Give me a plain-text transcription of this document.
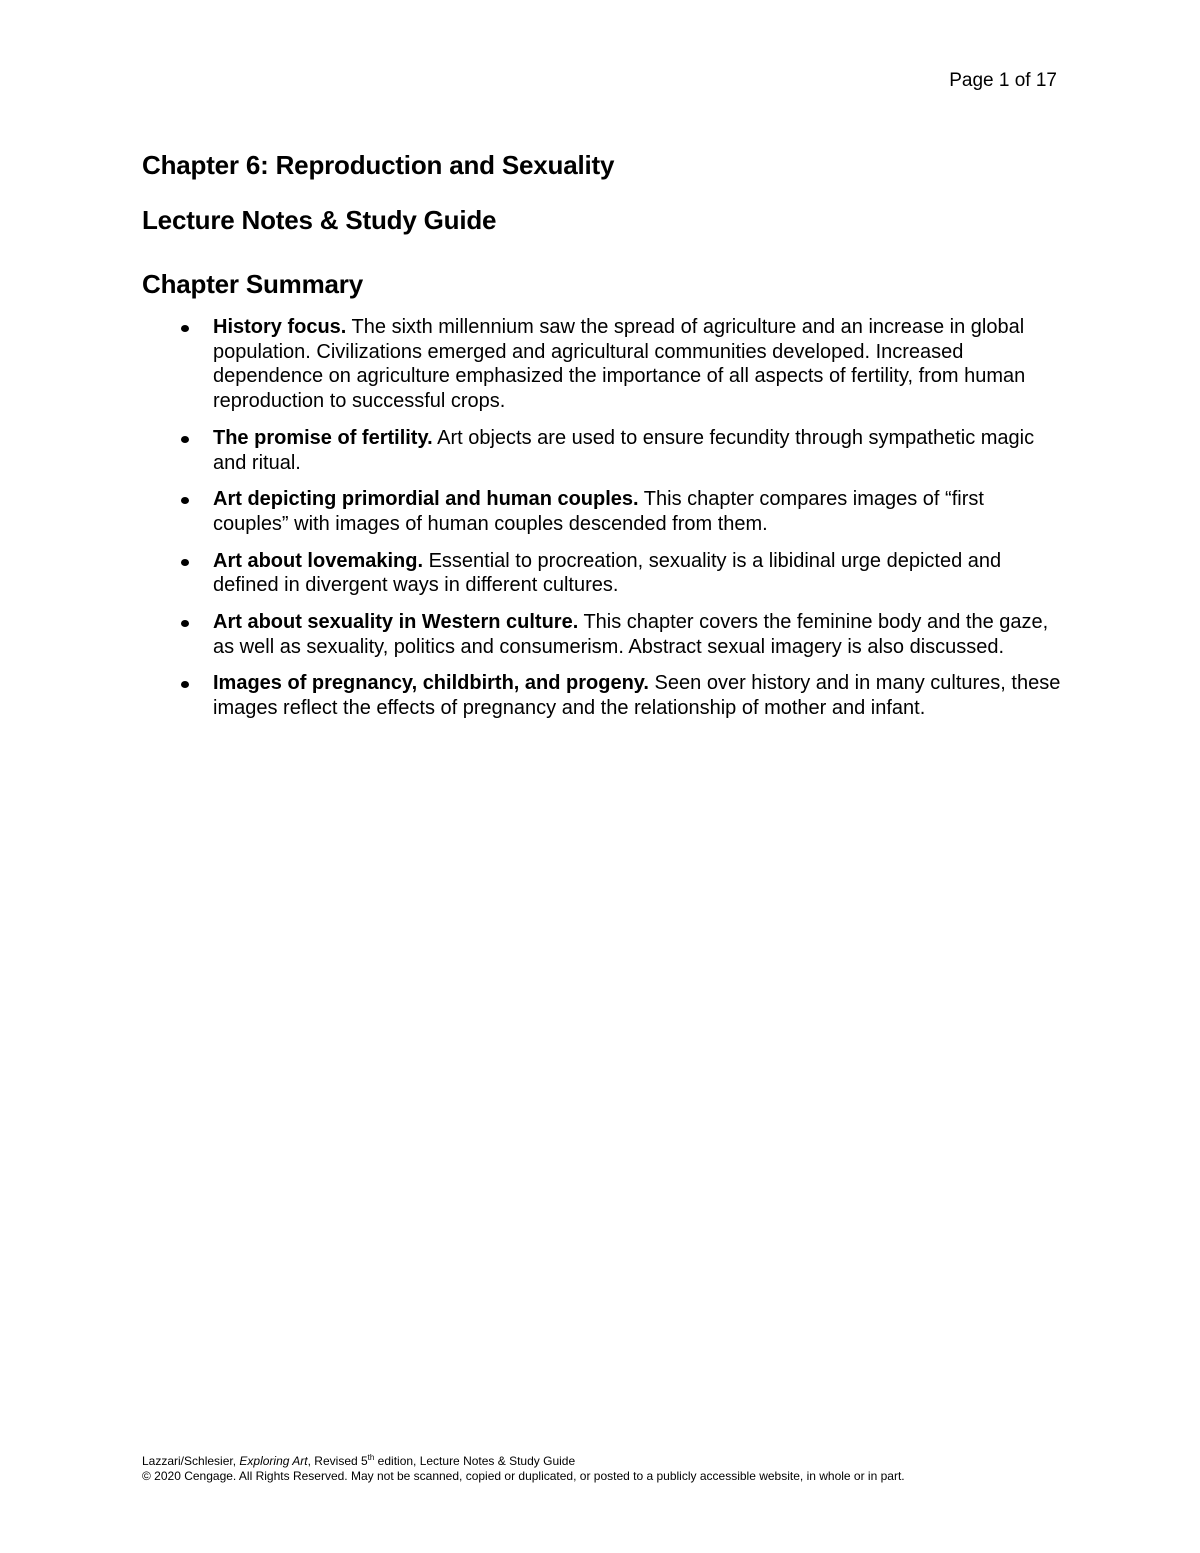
Page 1 of 17
Chapter 6: Reproduction and Sexuality
Lecture Notes & Study Guide
Chapter Summary
History focus. The sixth millennium saw the spread of agriculture and an increase in global population. Civilizations emerged and agricultural communities developed. Increased dependence on agriculture emphasized the importance of all aspects of fertility, from human reproduction to successful crops.
The promise of fertility. Art objects are used to ensure fecundity through sympathetic magic and ritual.
Art depicting primordial and human couples. This chapter compares images of “first couples” with images of human couples descended from them.
Art about lovemaking. Essential to procreation, sexuality is a libidinal urge depicted and defined in divergent ways in different cultures.
Art about sexuality in Western culture. This chapter covers the feminine body and the gaze, as well as sexuality, politics and consumerism. Abstract sexual imagery is also discussed.
Images of pregnancy, childbirth, and progeny. Seen over history and in many cultures, these images reflect the effects of pregnancy and the relationship of mother and infant.
Lazzari/Schlesier, Exploring Art, Revised 5th edition, Lecture Notes & Study Guide
© 2020 Cengage. All Rights Reserved. May not be scanned, copied or duplicated, or posted to a publicly accessible website, in whole or in part.
